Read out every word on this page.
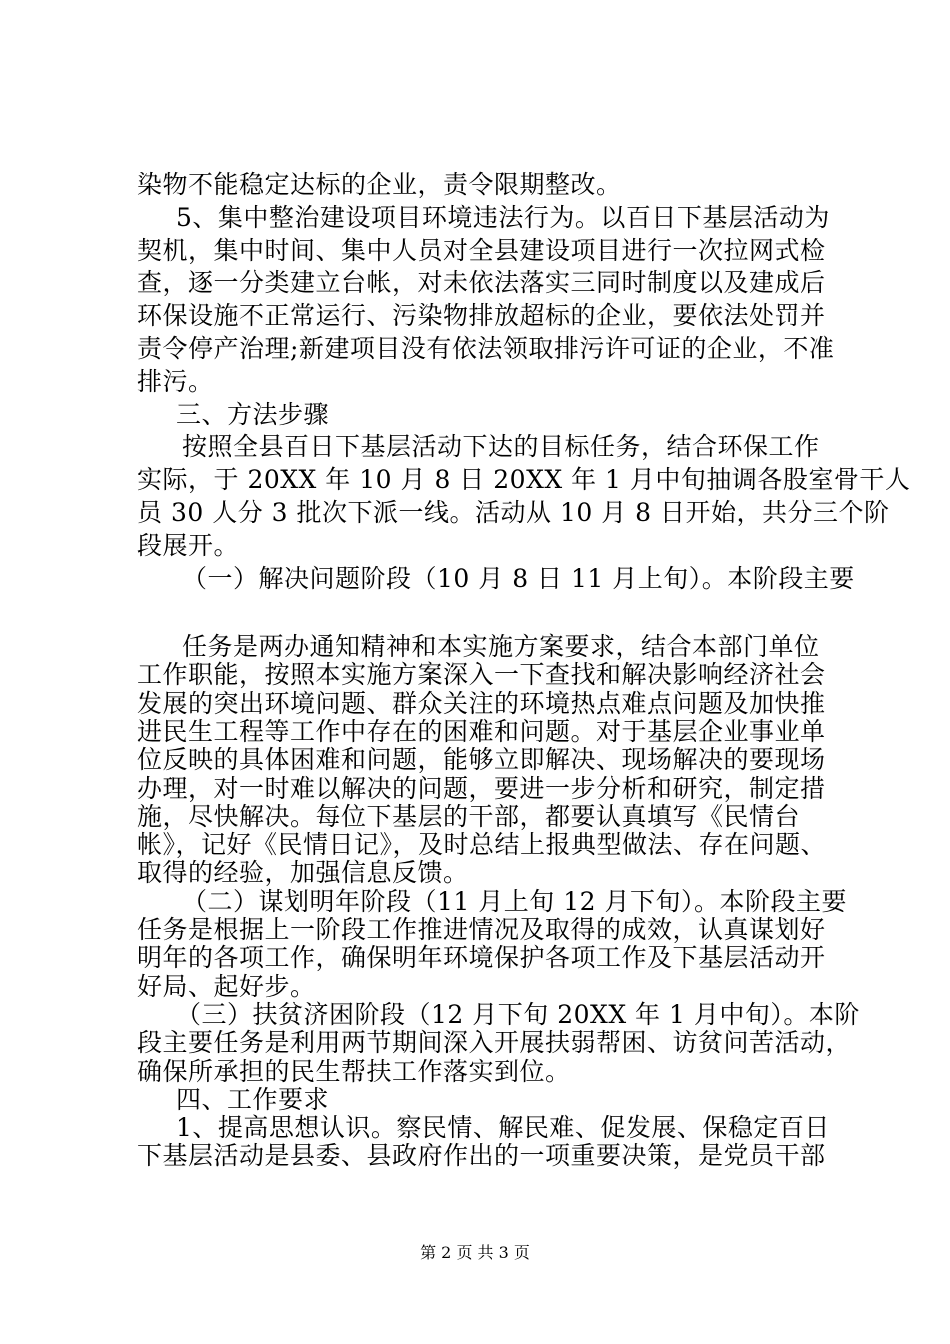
染物不能稳定达标的企业，责令限期整改。
5、集中整治建设项目环境违法行为。以百日下基层活动为
契机，集中时间、集中人员对全县建设项目进行一次拉网式检
查，逐一分类建立台帐，对未依法落实三同时制度以及建成后
环保设施不正常运行、污染物排放超标的企业，要依法处罚并
责令停产治理;新建项目没有依法领取排污许可证的企业，不准
排污。
三、方法步骤
按照全县百日下基层活动下达的目标任务，结合环保工作
实际，于 20XX 年 10 月 8 日 20XX 年 1 月中旬抽调各股室骨干人
员 30 人分 3 批次下派一线。活动从 10 月 8 日开始，共分三个阶
段展开。
（一）解决问题阶段（10 月 8 日 11 月上旬）。本阶段主要
任务是两办通知精神和本实施方案要求，结合本部门单位
工作职能，按照本实施方案深入一下查找和解决影响经济社会
发展的突出环境问题、群众关注的环境热点难点问题及加快推
进民生工程等工作中存在的困难和问题。对于基层企业事业单
位反映的具体困难和问题，能够立即解决、现场解决的要现场
办理，对一时难以解决的问题，要进一步分析和研究，制定措
施，尽快解决。每位下基层的干部，都要认真填写《民情台
帐》，记好《民情日记》，及时总结上报典型做法、存在问题、
取得的经验，加强信息反馈。
（二）谋划明年阶段（11 月上旬 12 月下旬）。本阶段主要
任务是根据上一阶段工作推进情况及取得的成效，认真谋划好
明年的各项工作，确保明年环境保护各项工作及下基层活动开
好局、起好步。
（三）扶贫济困阶段（12 月下旬 20XX 年 1 月中旬）。本阶
段主要任务是利用两节期间深入开展扶弱帮困、访贫问苦活动，
确保所承担的民生帮扶工作落实到位。
四、工作要求
1、提高思想认识。察民情、解民难、促发展、保稳定百日
下基层活动是县委、县政府作出的一项重要决策，是党员干部
第 2 页 共 3 页
